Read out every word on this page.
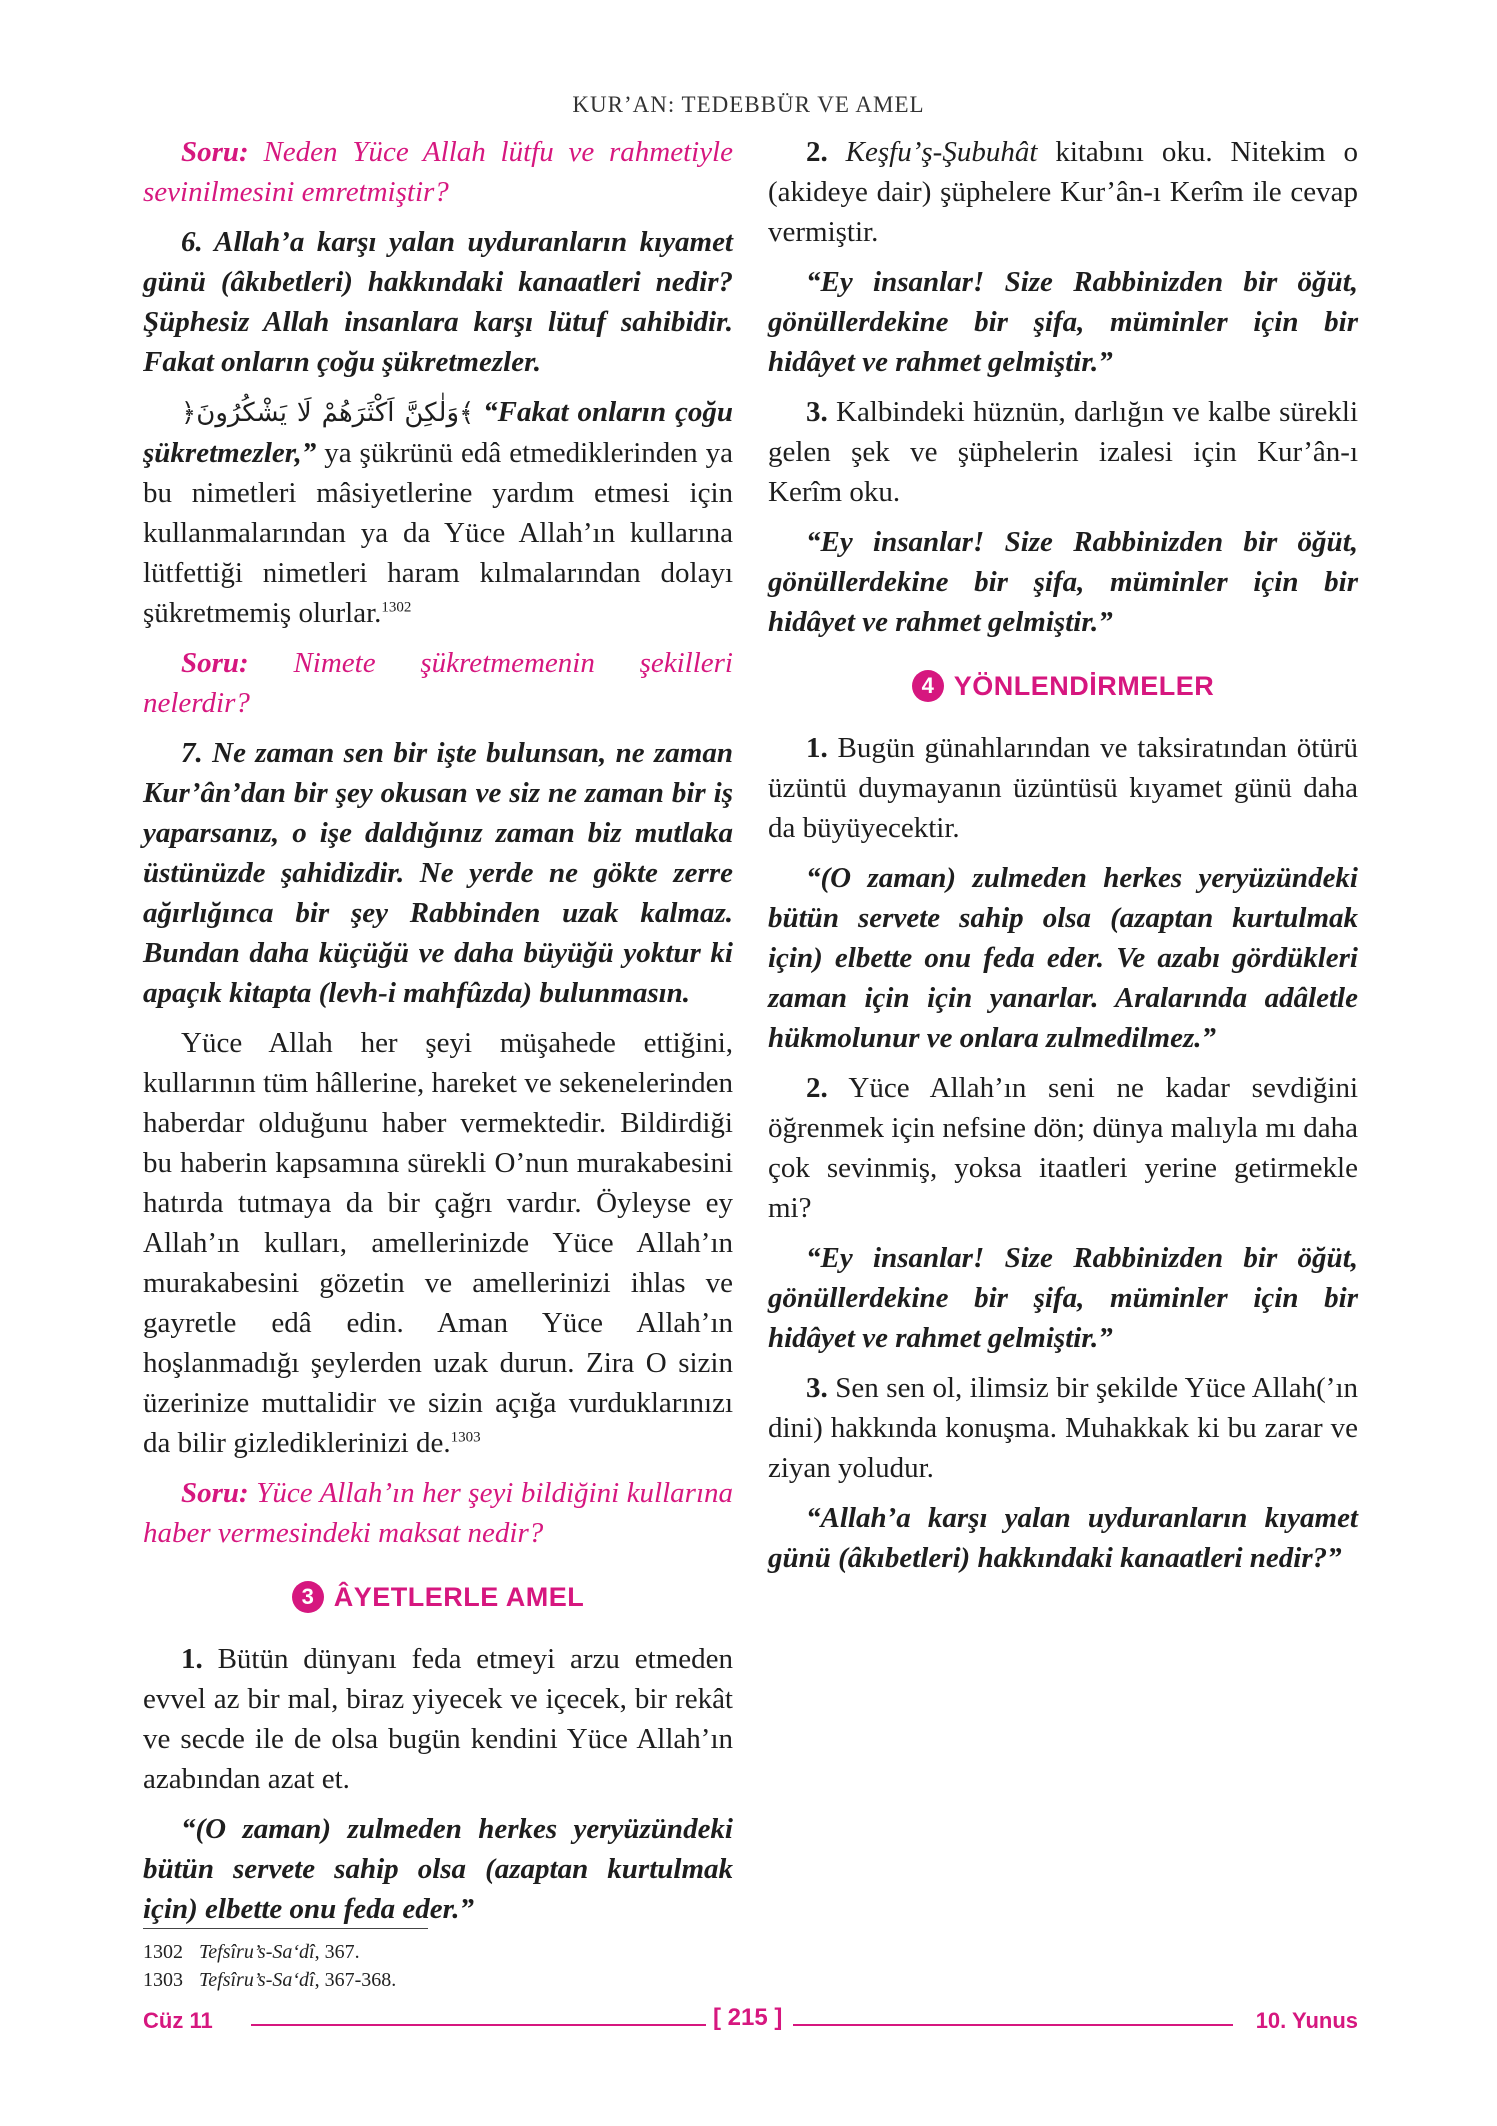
KUR’AN: TEDEBBÜR VE AMEL

Soru: Neden Yüce Allah lütfu ve rahmetiyle sevinilmesini emretmiştir?

6. Allah’a karşı yalan uyduranların kıyamet günü (âkıbetleri) hakkındaki kanaatleri nedir? Şüphesiz Allah insanlara karşı lütuf sahibidir. Fakat onların çoğu şükretmezler.

﴿وَلٰكِنَّ اَكْثَرَهُمْ لَا يَشْكُرُونَ﴾ “Fakat onların çoğu şükretmezler,” ya şükrünü edâ etmediklerinden ya bu nimetleri mâsiyetlerine yardım etmesi için kullanmalarından ya da Yüce Allah’ın kullarına lütfettiği nimetleri haram kılmalarından dolayı şükretmemiş olurlar.$^{1302}$

Soru: Nimete şükretmemenin şekilleri nelerdir?

7. Ne zaman sen bir işte bulunsan, ne zaman Kur’ân’dan bir şey okusan ve siz ne zaman bir iş yaparsanız, o işe daldığınız zaman biz mutlaka üstünüzde şahidizdir. Ne yerde ne gökte zerre ağırlığınca bir şey Rabbinden uzak kalmaz. Bundan daha küçüğü ve daha büyüğü yoktur ki apaçık kitapta (levh-i mahfûzda) bulunmasın.

Yüce Allah her şeyi müşahede ettiğini, kullarının tüm hâllerine, hareket ve sekenelerinden haberdar olduğunu haber vermektedir. Bildirdiği bu haberin kapsamına sürekli O’nun murakabesini hatırda tutmaya da bir çağrı vardır. Öyleyse ey Allah’ın kulları, amellerinizde Yüce Allah’ın murakabesini gözetin ve amellerinizi ihlas ve gayretle edâ edin. Aman Yüce Allah’ın hoşlanmadığı şeylerden uzak durun. Zira O sizin üzerinize muttalidir ve sizin açığa vurduklarınızı da bilir gizlediklerinizi de.$^{1303}$

Soru: Yüce Allah’ın her şeyi bildiğini kullarına haber vermesindeki maksat nedir?

3 ÂYETLERLE AMEL

1. Bütün dünyanı feda etmeyi arzu etmeden evvel az bir mal, biraz yiyecek ve içecek, bir rekât ve secde ile de olsa bugün kendini Yüce Allah’ın azabından azat et.

“(O zaman) zulmeden herkes yeryüzündeki bütün servete sahip olsa (azaptan kurtulmak için) elbette onu feda eder.”

2. Keşfu’ş-Şubuhât kitabını oku. Nitekim o (akideye dair) şüphelere Kur’ân-ı Kerîm ile cevap vermiştir.

“Ey insanlar! Size Rabbinizden bir öğüt, gönüllerdekine bir şifa, müminler için bir hidâyet ve rahmet gelmiştir.”

3. Kalbindeki hüznün, darlığın ve kalbe sürekli gelen şek ve şüphelerin izalesi için Kur’ân-ı Kerîm oku.

“Ey insanlar! Size Rabbinizden bir öğüt, gönüllerdekine bir şifa, müminler için bir hidâyet ve rahmet gelmiştir.”

4 YÖNLENDİRMELER

1. Bugün günahlarından ve taksiratından ötürü üzüntü duymayanın üzüntüsü kıyamet günü daha da büyüyecektir.

“(O zaman) zulmeden herkes yeryüzündeki bütün servete sahip olsa (azaptan kurtulmak için) elbette onu feda eder. Ve azabı gördükleri zaman için için yanarlar. Aralarında adâletle hükmolunur ve onlara zulmedilmez.”

2. Yüce Allah’ın seni ne kadar sevdiğini öğrenmek için nefsine dön; dünya malıyla mı daha çok sevinmiş, yoksa itaatleri yerine getirmekle mi?

“Ey insanlar! Size Rabbinizden bir öğüt, gönüllerdekine bir şifa, müminler için bir hidâyet ve rahmet gelmiştir.”

3. Sen sen ol, ilimsiz bir şekilde Yüce Allah(’ın dini) hakkında konuşma. Muhakkak ki bu zarar ve ziyan yoludur.

“Allah’a karşı yalan uyduranların kıyamet günü (âkıbetleri) hakkındaki kanaatleri nedir?”

1302 Tefsîru’s-Sa‘dî, 367.
1303 Tefsîru’s-Sa‘dî, 367-368.
Cüz 11	[ 215 ]	10. Yunus
